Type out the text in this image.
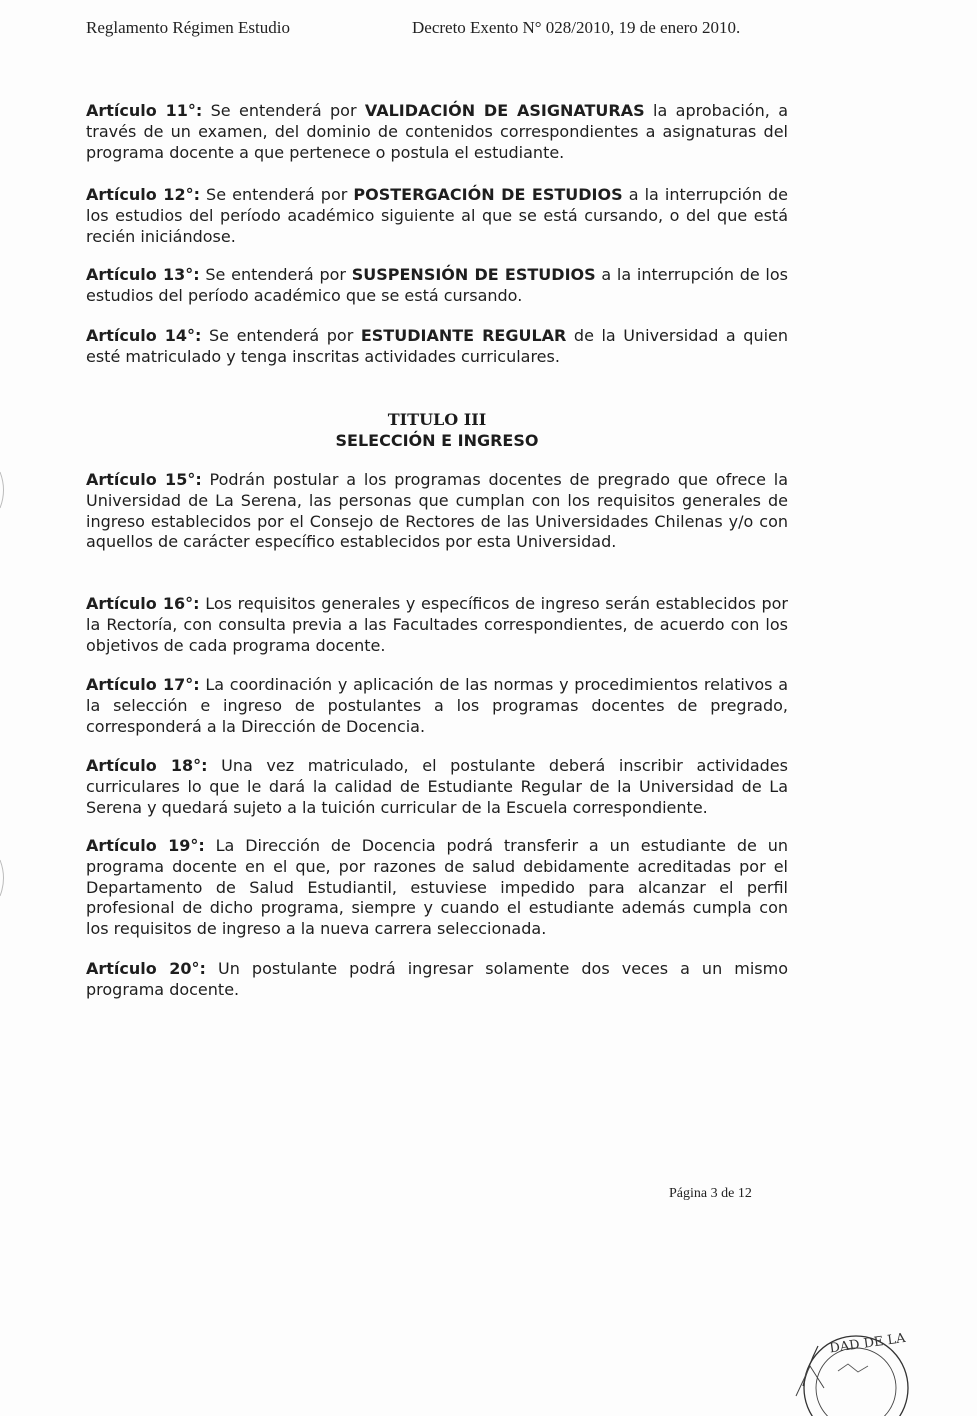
Reglamento Régimen Estudio	Decreto Exento N° 028/2010, 19 de enero 2010.
Artículo 11°: Se entenderá por VALIDACIÓN DE ASIGNATURAS la aprobación, a través de un examen, del dominio de contenidos correspondientes a asignaturas del programa docente a que pertenece o postula el estudiante.
Artículo 12°: Se entenderá por POSTERGACIÓN DE ESTUDIOS a la interrupción de los estudios del período académico siguiente al que se está cursando, o del que está recién iniciándose.
Artículo 13°: Se entenderá por SUSPENSIÓN DE ESTUDIOS a la interrupción de los estudios del período académico que se está cursando.
Artículo 14°: Se entenderá por ESTUDIANTE REGULAR de la Universidad a quien esté matriculado y tenga inscritas actividades curriculares.
TITULO III
SELECCIÓN E INGRESO
Artículo 15°: Podrán postular a los programas docentes de pregrado que ofrece la Universidad de La Serena, las personas que cumplan con los requisitos generales de ingreso establecidos por el Consejo de Rectores de las Universidades Chilenas y/o con aquellos de carácter específico establecidos por esta Universidad.
Artículo 16°: Los requisitos generales y específicos de ingreso serán establecidos por la Rectoría, con consulta previa a las Facultades correspondientes, de acuerdo con los objetivos de cada programa docente.
Artículo 17°: La coordinación y aplicación de las normas y procedimientos relativos a la selección e ingreso de postulantes a los programas docentes de pregrado, corresponderá a la Dirección de Docencia.
Artículo 18°: Una vez matriculado, el postulante deberá inscribir actividades curriculares lo que le dará la calidad de Estudiante Regular de la Universidad de La Serena y quedará sujeto a la tuición curricular de la Escuela correspondiente.
Artículo 19°: La Dirección de Docencia podrá transferir a un estudiante de un programa docente en el que, por razones de salud debidamente acreditadas por el Departamento de Salud Estudiantil, estuviese impedido para alcanzar el perfil profesional de dicho programa, siempre y cuando el estudiante además cumpla con los requisitos de ingreso a la nueva carrera seleccionada.
Artículo 20°: Un postulante podrá ingresar solamente dos veces a un mismo programa docente.
Página 3 de 12
DAD DE LA
